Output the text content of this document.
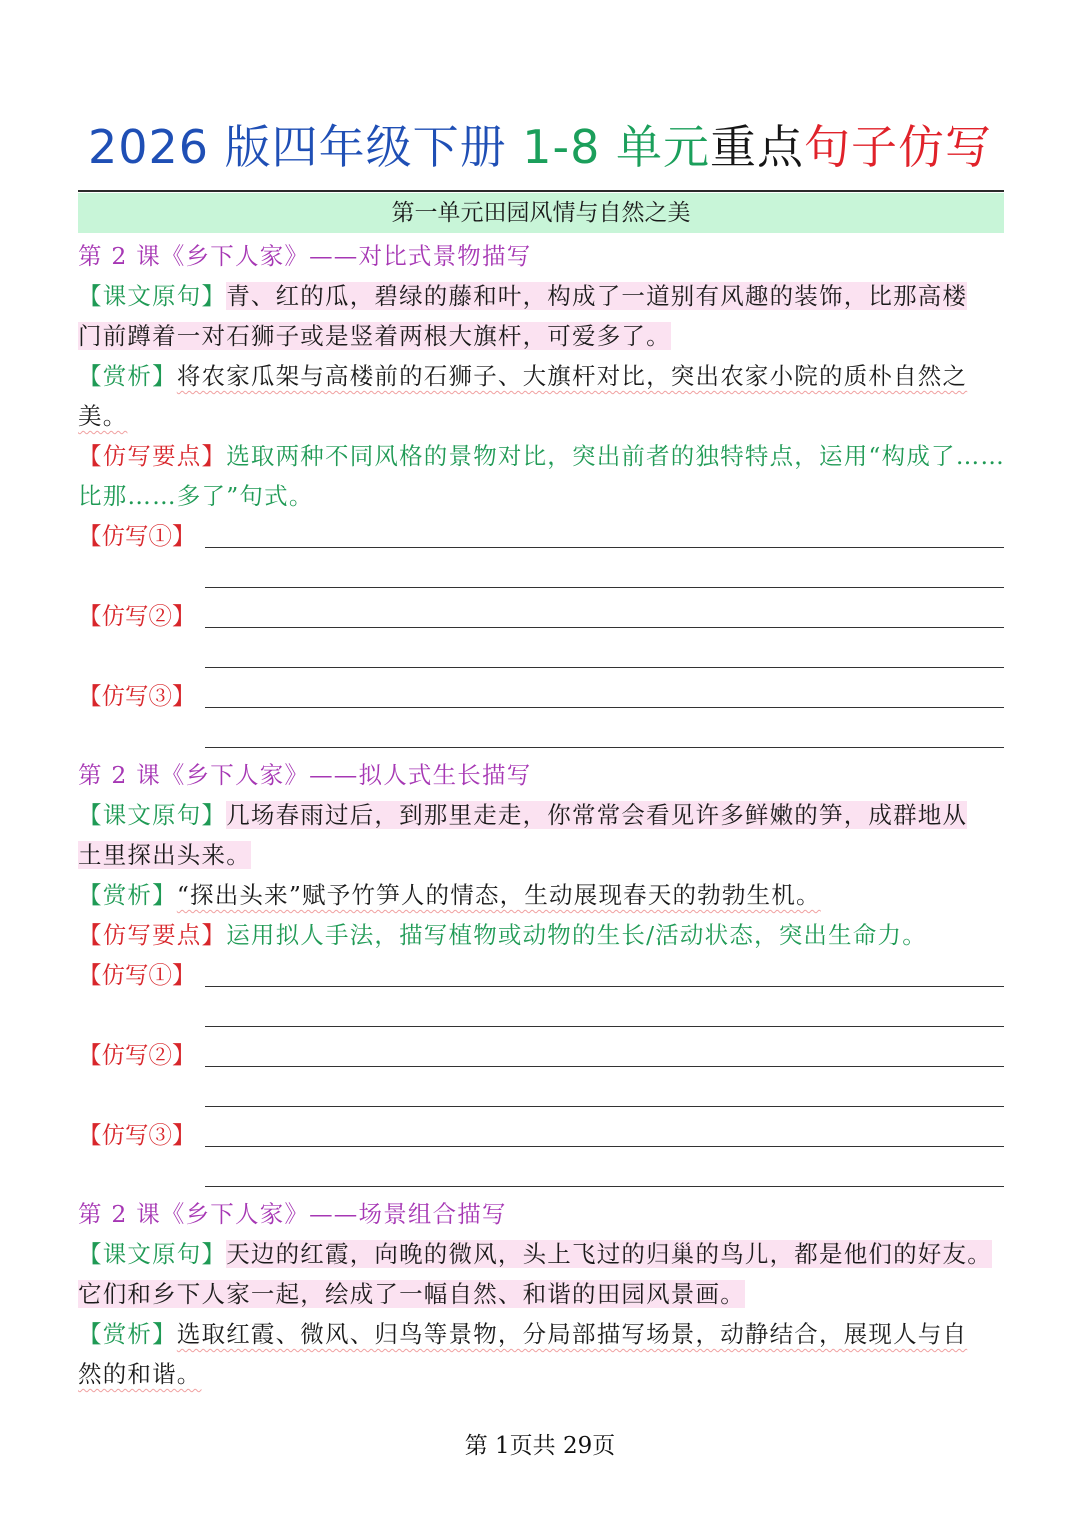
2026 版四年级下册 1-8 单元重点句子仿写
第一单元田园风情与自然之美
第 2 课《乡下人家》——对比式景物描写
【课文原句】青、红的瓜，碧绿的藤和叶，构成了一道别有风趣的装饰，比那高楼
门前蹲着一对石狮子或是竖着两根大旗杆，可爱多了。
【赏析】将农家瓜架与高楼前的石狮子、大旗杆对比，突出农家小院的质朴自然之
美。
【仿写要点】选取两种不同风格的景物对比，突出前者的独特特点，运用“构成了……
比那……多了”句式。
【仿写①】
【仿写②】
【仿写③】
第 2 课《乡下人家》——拟人式生长描写
【课文原句】几场春雨过后，到那里走走，你常常会看见许多鲜嫩的笋，成群地从
土里探出头来。
【赏析】“探出头来”赋予竹笋人的情态，生动展现春天的勃勃生机。
【仿写要点】运用拟人手法，描写植物或动物的生长/活动状态，突出生命力。
【仿写①】
【仿写②】
【仿写③】
第 2 课《乡下人家》——场景组合描写
【课文原句】天边的红霞，向晚的微风，头上飞过的归巢的鸟儿，都是他们的好友。
它们和乡下人家一起，绘成了一幅自然、和谐的田园风景画。
【赏析】选取红霞、微风、归鸟等景物，分局部描写场景，动静结合，展现人与自
然的和谐。
第 1页共 29页
